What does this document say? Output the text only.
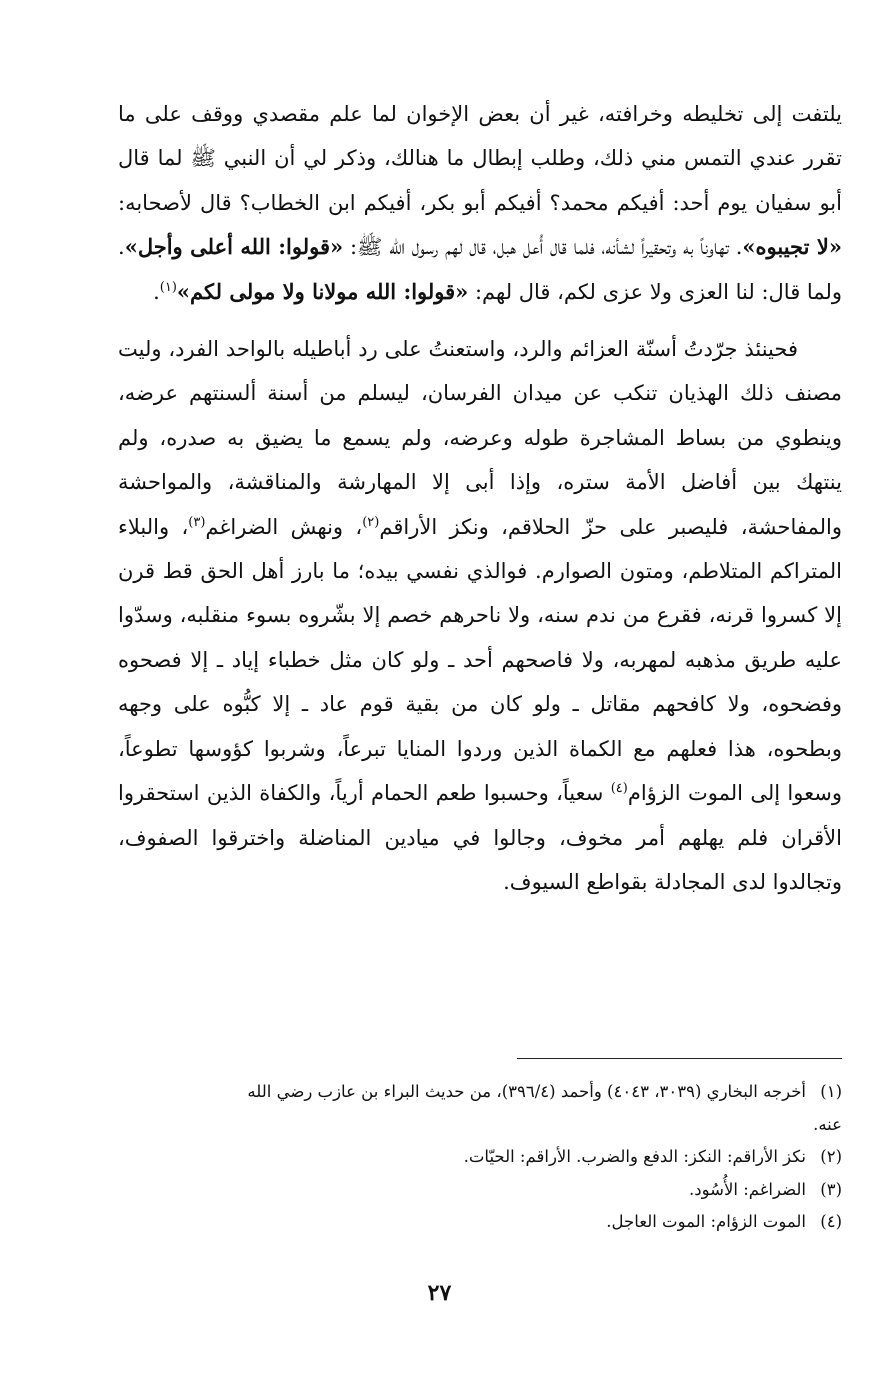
يلتفت إلى تخليطه وخرافته، غير أن بعض الإخوان لما علم مقصدي ووقف على ما تقرر عندي التمس مني ذلك، وطلب إبطال ما هنالك، وذكر لي أن النبي ﷺ لما قال أبو سفيان يوم أحد: أفيكم محمد؟ أفيكم أبو بكر، أفيكم ابن الخطاب؟ قال لأصحابه: «لا تجيبوه». تهاوناً به وتحقيراً لشأنه، فلما قال أُعل هبل، قال لهم رسول الله ﷺ: «قولوا: الله أعلى وأجل». ولما قال: لنا العزى ولا عزى لكم، قال لهم: «قولوا: الله مولانا ولا مولى لكم»$^{(١)}$.

فحينئذ جرّدتُ أسنّة العزائم والرد، واستعنتُ على رد أباطيله بالواحد الفرد، وليت مصنف ذلك الهذيان تنكب عن ميدان الفرسان، ليسلم من أسنة ألسنتهم عرضه، وينطوي من بساط المشاجرة طوله وعرضه، ولم يسمع ما يضيق به صدره، ولم ينتهك بين أفاضل الأمة ستره، وإذا أبى إلا المهارشة والمناقشة، والمواحشة والمفاحشة، فليصبر على حزّ الحلاقم، ونكز الأراقم$^{(٢)}$، ونهش الضراغم$^{(٣)}$، والبلاء المتراكم المتلاطم، ومتون الصوارم. فوالذي نفسي بيده؛ ما بارز أهل الحق قط قرن إلا كسروا قرنه، فقرع من ندم سنه، ولا ناحرهم خصم إلا بشّروه بسوء منقلبه، وسدّوا عليه طريق مذهبه لمهربه، ولا فاصحهم أحد ـ ولو كان مثل خطباء إياد ـ إلا فصحوه وفضحوه، ولا كافحهم مقاتل ـ ولو كان من بقية قوم عاد ـ إلا كبُّوه على وجهه وبطحوه، هذا فعلهم مع الكماة الذين وردوا المنايا تبرعاً، وشربوا كؤوسها تطوعاً، وسعوا إلى الموت الزؤام$^{(٤)}$ سعياً، وحسبوا طعم الحمام أرياً، والكفاة الذين استحقروا الأقران فلم يهلهم أمر مخوف، وجالوا في ميادين المناضلة واخترقوا الصفوف، وتجالدوا لدى المجادلة بقواطع السيوف.

(١)أخرجه البخاري (٣٠٣٩، ٤٠٤٣) وأحمد (٣٩٦/٤)، من حديث البراء بن عازب رضي الله

عنه.

(٢)نكز الأراقم: النكز: الدفع والضرب. الأراقم: الحيّات.

(٣)الضراغم: الأُسُود.

(٤)الموت الزؤام: الموت العاجل.

٢٧
